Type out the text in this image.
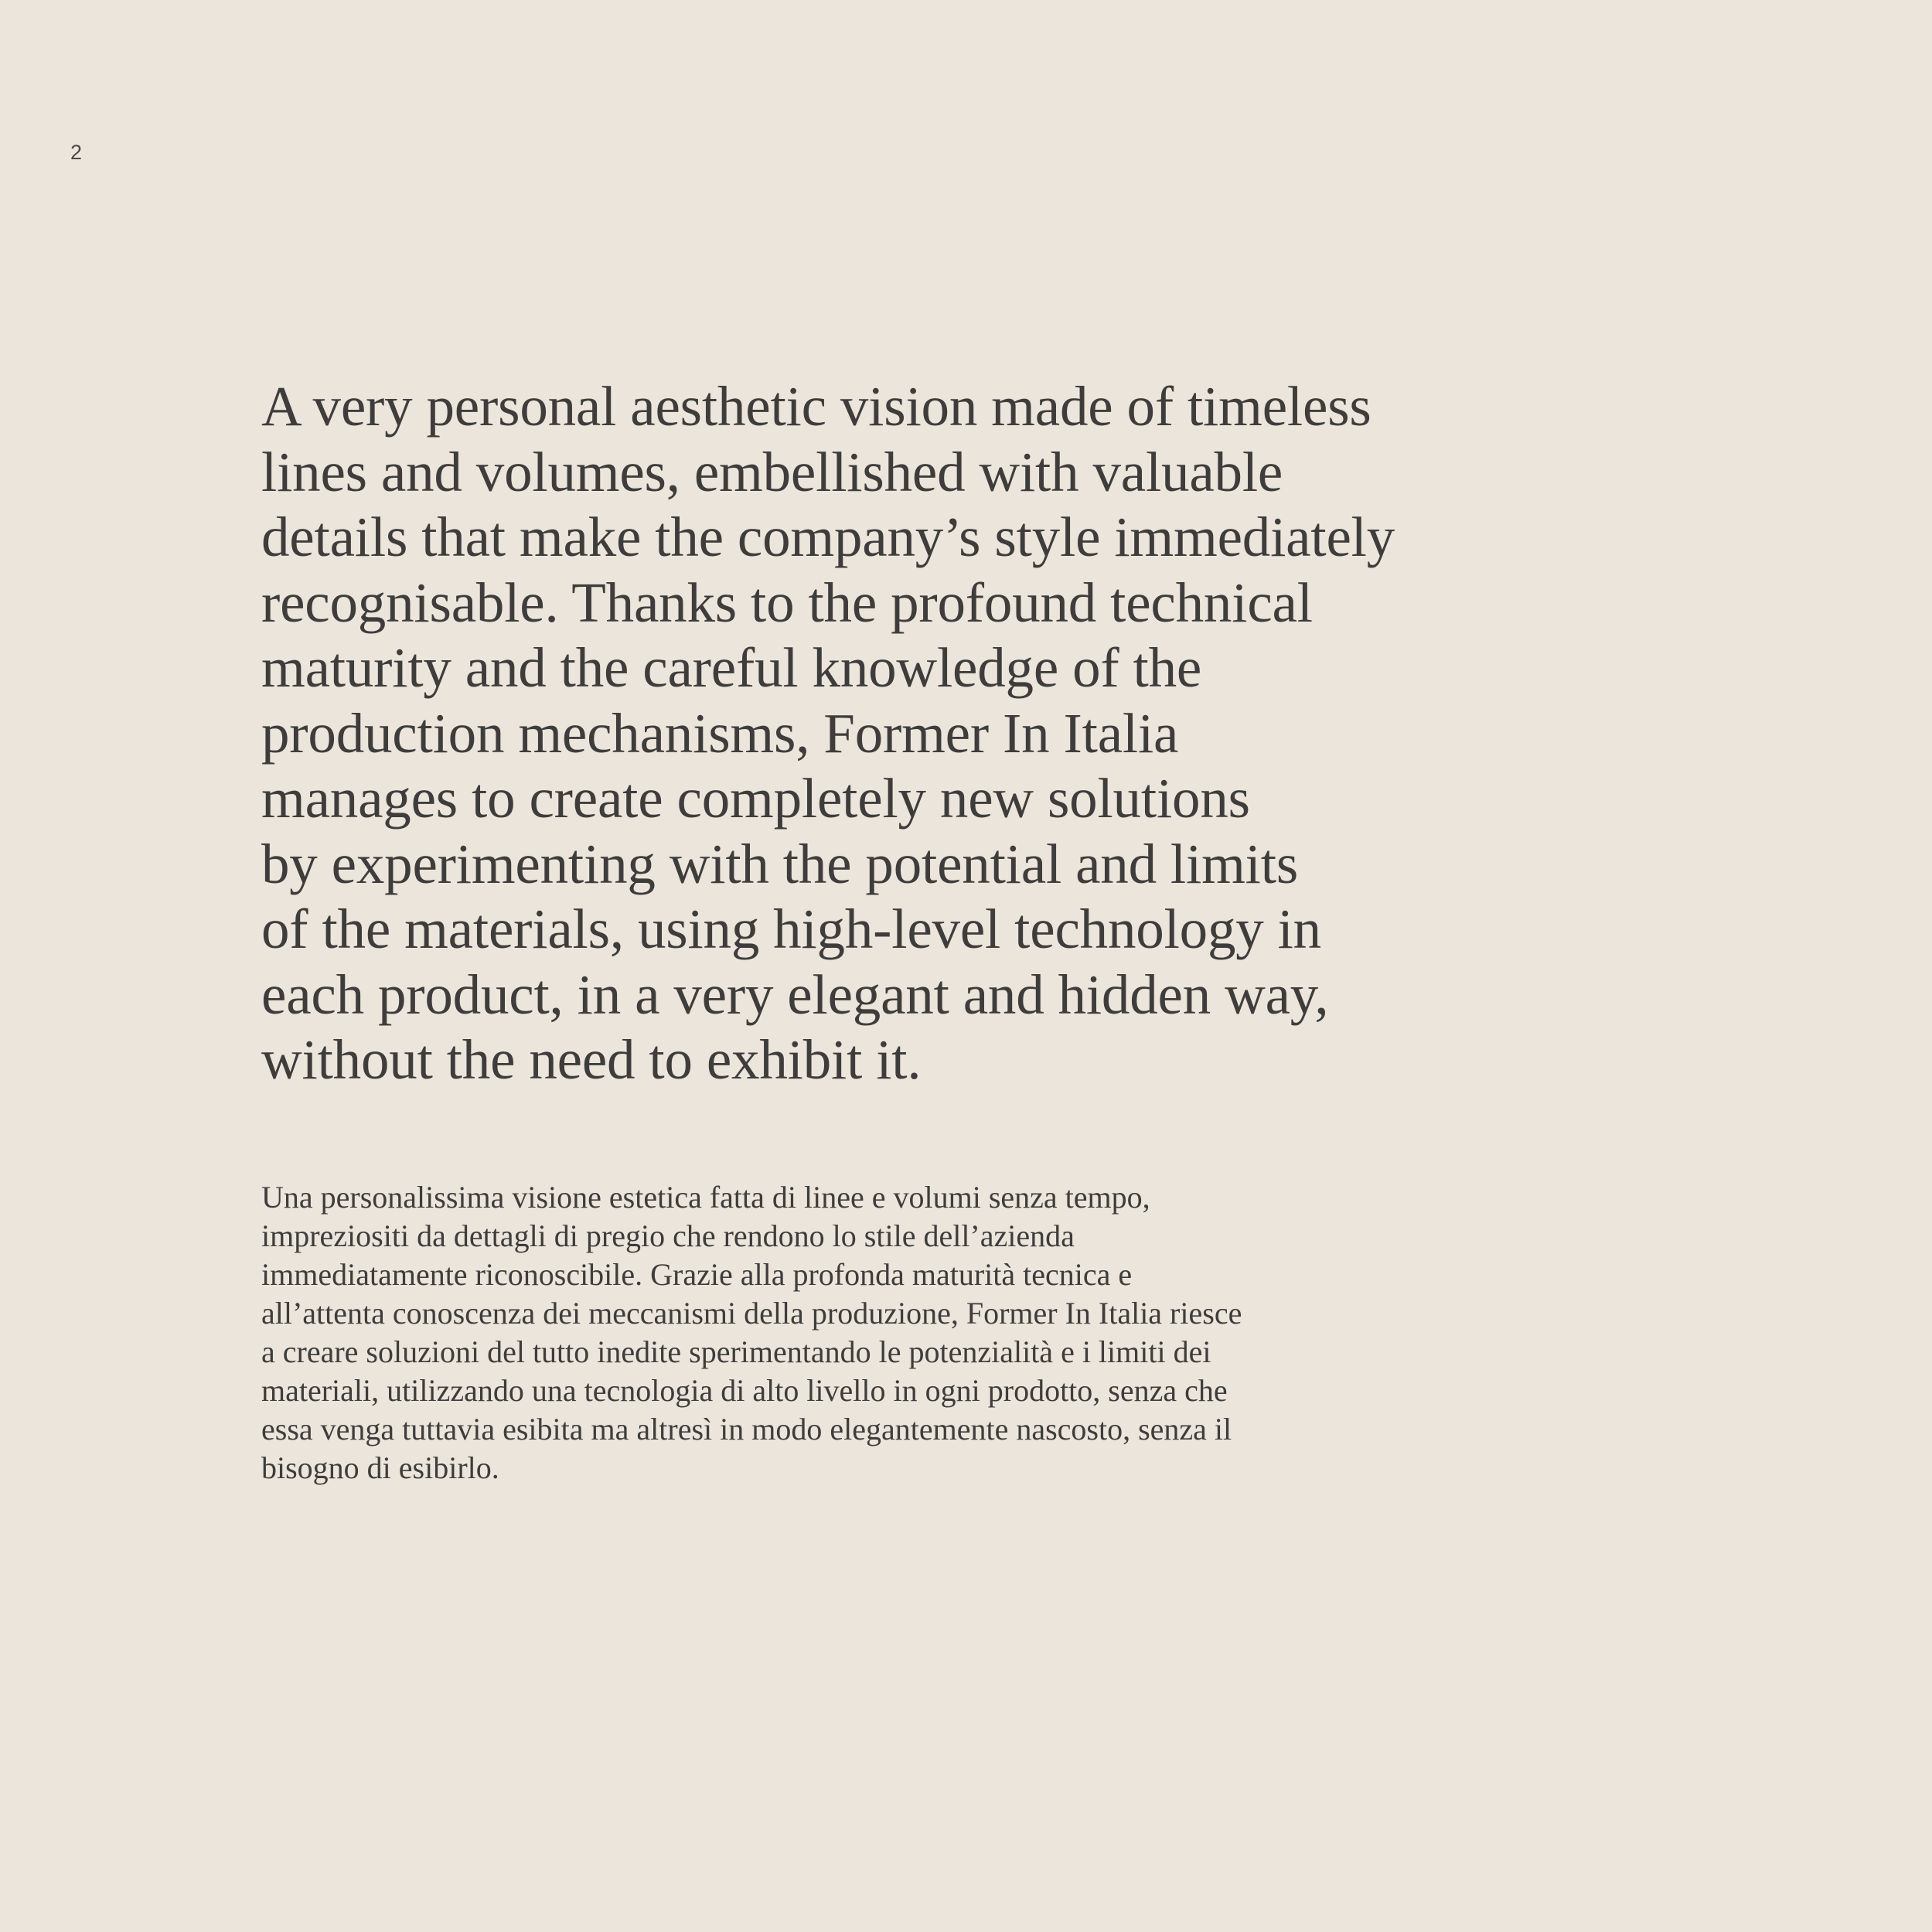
2

A very personal aesthetic vision made of timeless
lines and volumes, embellished with valuable
details that make the company’s style immediately
recognisable. Thanks to the profound technical
maturity and the careful knowledge of the
production mechanisms, Former In Italia
manages to create completely new solutions
by experimenting with the potential and limits
of the materials, using high-level technology in
each product, in a very elegant and hidden way,
without the need to exhibit it.

Una personalissima visione estetica fatta di linee e volumi senza tempo,
impreziositi da dettagli di pregio che rendono lo stile dell’azienda
immediatamente riconoscibile. Grazie alla profonda maturità tecnica e
all’attenta conoscenza dei meccanismi della produzione, Former In Italia riesce
a creare soluzioni del tutto inedite sperimentando le potenzialità e i limiti dei
materiali, utilizzando una tecnologia di alto livello in ogni prodotto, senza che
essa venga tuttavia esibita ma altresì in modo elegantemente nascosto, senza il
bisogno di esibirlo.
